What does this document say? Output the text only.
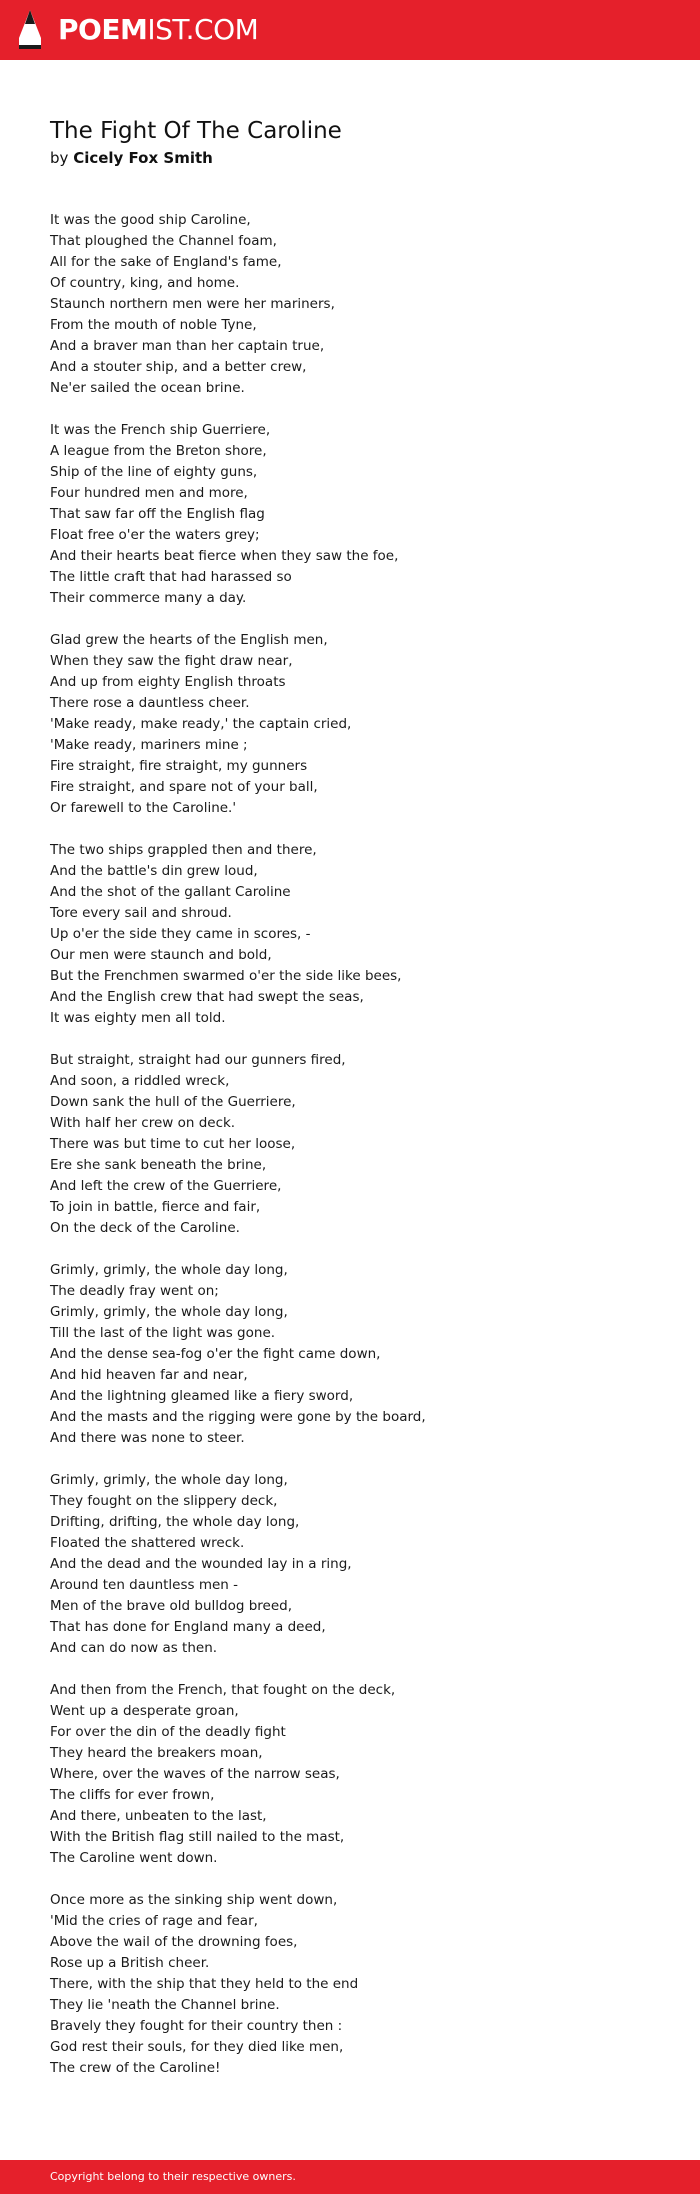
POEMIST.COM
The Fight Of The Caroline
by Cicely Fox Smith
It was the good ship Caroline,
That ploughed the Channel foam,
All for the sake of England's fame,
Of country, king, and home.
Staunch northern men were her mariners,
From the mouth of noble Tyne,
And a braver man than her captain true,
And a stouter ship, and a better crew,
Ne'er sailed the ocean brine.
It was the French ship Guerriere,
A league from the Breton shore,
Ship of the line of eighty guns,
Four hundred men and more,
That saw far off the English flag
Float free o'er the waters grey;
And their hearts beat fierce when they saw the foe,
The little craft that had harassed so
Their commerce many a day.
Glad grew the hearts of the English men,
When they saw the fight draw near,
And up from eighty English throats
There rose a dauntless cheer.
'Make ready, make ready,' the captain cried,
'Make ready, mariners mine ;
Fire straight, fire straight, my gunners
Fire straight, and spare not of your ball,
Or farewell to the Caroline.'
The two ships grappled then and there,
And the battle's din grew loud,
And the shot of the gallant Caroline
Tore every sail and shroud.
Up o'er the side they came in scores, -
Our men were staunch and bold,
But the Frenchmen swarmed o'er the side like bees,
And the English crew that had swept the seas,
It was eighty men all told.
But straight, straight had our gunners fired,
And soon, a riddled wreck,
Down sank the hull of the Guerriere,
With half her crew on deck.
There was but time to cut her loose,
Ere she sank beneath the brine,
And left the crew of the Guerriere,
To join in battle, fierce and fair,
On the deck of the Caroline.
Grimly, grimly, the whole day long,
The deadly fray went on;
Grimly, grimly, the whole day long,
Till the last of the light was gone.
And the dense sea-fog o'er the fight came down,
And hid heaven far and near,
And the lightning gleamed like a fiery sword,
And the masts and the rigging were gone by the board,
And there was none to steer.
Grimly, grimly, the whole day long,
They fought on the slippery deck,
Drifting, drifting, the whole day long,
Floated the shattered wreck.
And the dead and the wounded lay in a ring,
Around ten dauntless men -
Men of the brave old bulldog breed,
That has done for England many a deed,
And can do now as then.
And then from the French, that fought on the deck,
Went up a desperate groan,
For over the din of the deadly fight
They heard the breakers moan,
Where, over the waves of the narrow seas,
The cliffs for ever frown,
And there, unbeaten to the last,
With the British flag still nailed to the mast,
The Caroline went down.
Once more as the sinking ship went down,
'Mid the cries of rage and fear,
Above the wail of the drowning foes,
Rose up a British cheer.
There, with the ship that they held to the end
They lie 'neath the Channel brine.
Bravely they fought for their country then :
God rest their souls, for they died like men,
The crew of the Caroline!
Copyright belong to their respective owners.
